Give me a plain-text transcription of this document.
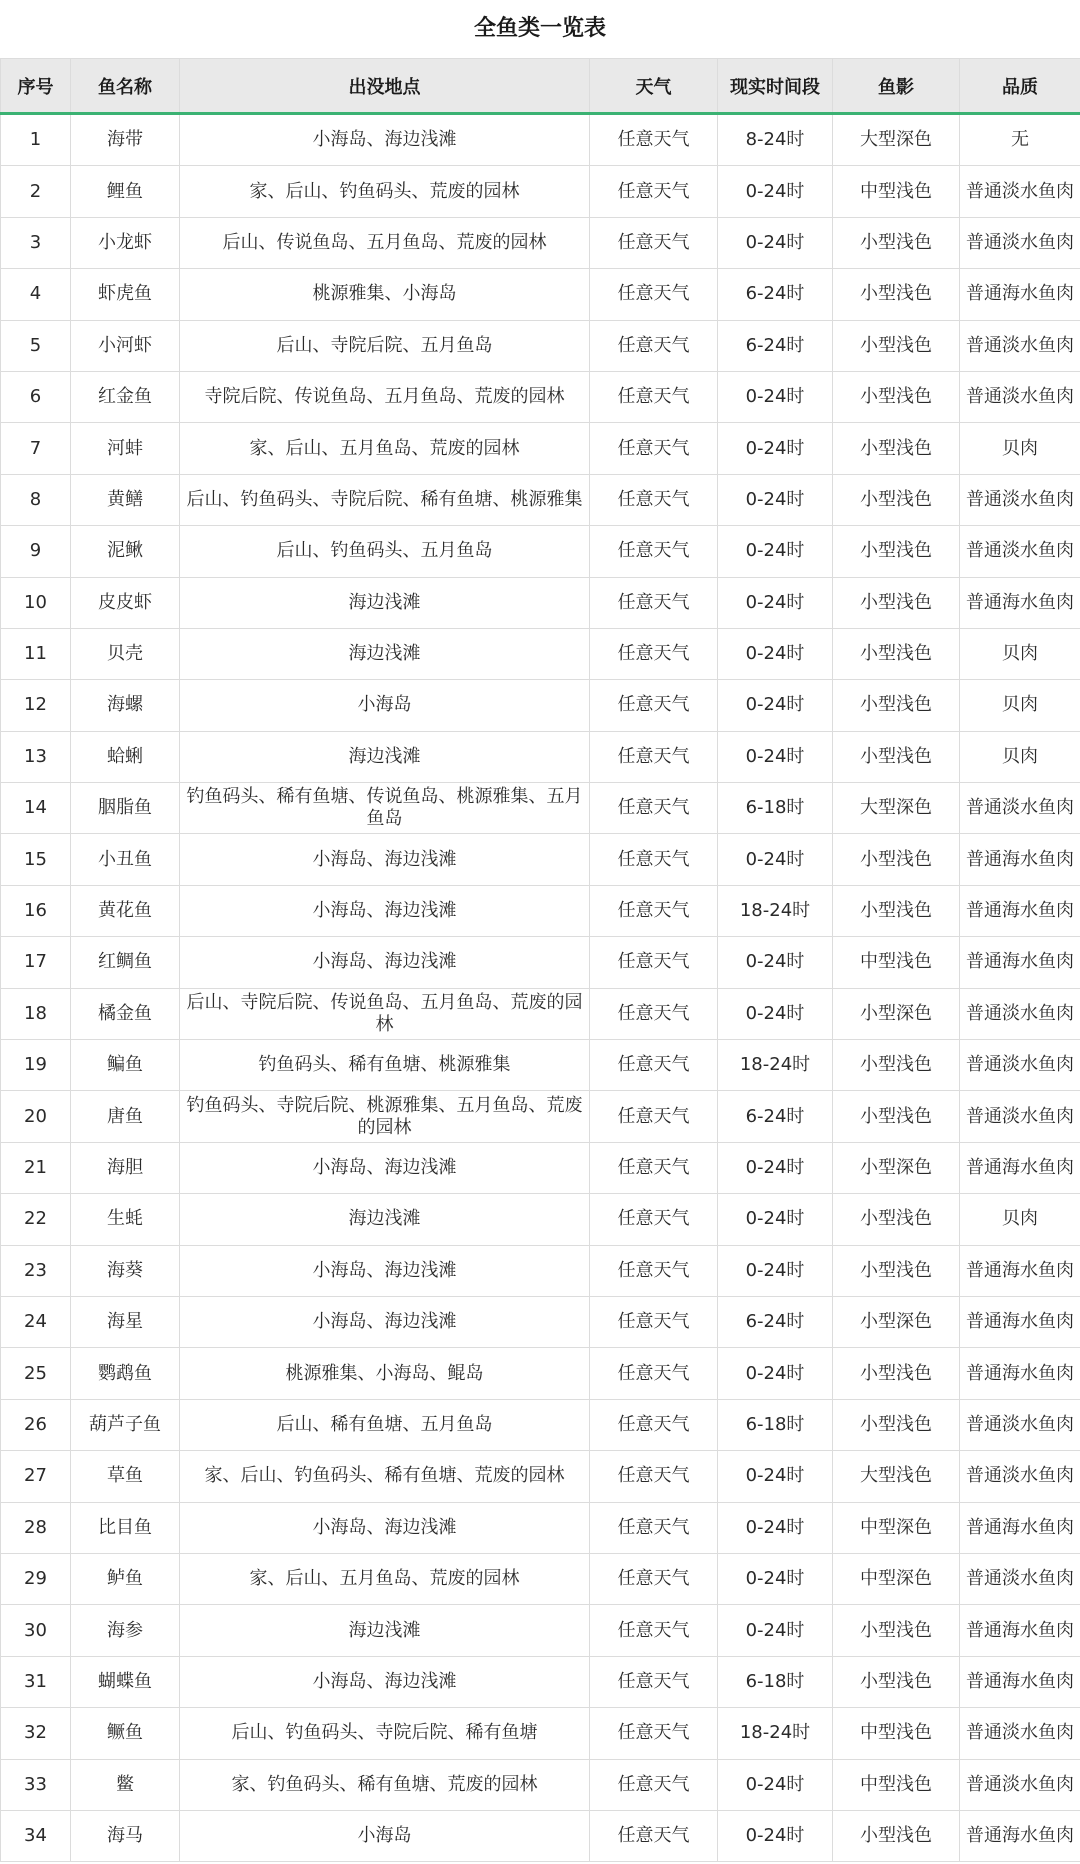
全鱼类一览表
序号	鱼名称	出没地点	天气	现实时间段	鱼影	品质
1	海带	小海岛、海边浅滩	任意天气	8-24时	大型深色	无
2	鲤鱼	家、后山、钓鱼码头、荒废的园林	任意天气	0-24时	中型浅色	普通淡水鱼肉
3	小龙虾	后山、传说鱼岛、五月鱼岛、荒废的园林	任意天气	0-24时	小型浅色	普通淡水鱼肉
4	虾虎鱼	桃源雅集、小海岛	任意天气	6-24时	小型浅色	普通海水鱼肉
5	小河虾	后山、寺院后院、五月鱼岛	任意天气	6-24时	小型浅色	普通淡水鱼肉
6	红金鱼	寺院后院、传说鱼岛、五月鱼岛、荒废的园林	任意天气	0-24时	小型浅色	普通淡水鱼肉
7	河蚌	家、后山、五月鱼岛、荒废的园林	任意天气	0-24时	小型浅色	贝肉
8	黄鳝	后山、钓鱼码头、寺院后院、稀有鱼塘、桃源雅集	任意天气	0-24时	小型浅色	普通淡水鱼肉
9	泥鳅	后山、钓鱼码头、五月鱼岛	任意天气	0-24时	小型浅色	普通淡水鱼肉
10	皮皮虾	海边浅滩	任意天气	0-24时	小型浅色	普通海水鱼肉
11	贝壳	海边浅滩	任意天气	0-24时	小型浅色	贝肉
12	海螺	小海岛	任意天气	0-24时	小型浅色	贝肉
13	蛤蜊	海边浅滩	任意天气	0-24时	小型浅色	贝肉
14	胭脂鱼	钓鱼码头、稀有鱼塘、传说鱼岛、桃源雅集、五月鱼岛	任意天气	6-18时	大型深色	普通淡水鱼肉
15	小丑鱼	小海岛、海边浅滩	任意天气	0-24时	小型浅色	普通海水鱼肉
16	黄花鱼	小海岛、海边浅滩	任意天气	18-24时	小型浅色	普通海水鱼肉
17	红鲷鱼	小海岛、海边浅滩	任意天气	0-24时	中型浅色	普通海水鱼肉
18	橘金鱼	后山、寺院后院、传说鱼岛、五月鱼岛、荒废的园林	任意天气	0-24时	小型深色	普通淡水鱼肉
19	鳊鱼	钓鱼码头、稀有鱼塘、桃源雅集	任意天气	18-24时	小型浅色	普通淡水鱼肉
20	唐鱼	钓鱼码头、寺院后院、桃源雅集、五月鱼岛、荒废的园林	任意天气	6-24时	小型浅色	普通淡水鱼肉
21	海胆	小海岛、海边浅滩	任意天气	0-24时	小型深色	普通海水鱼肉
22	生蚝	海边浅滩	任意天气	0-24时	小型浅色	贝肉
23	海葵	小海岛、海边浅滩	任意天气	0-24时	小型浅色	普通海水鱼肉
24	海星	小海岛、海边浅滩	任意天气	6-24时	小型深色	普通海水鱼肉
25	鹦鹉鱼	桃源雅集、小海岛、鲲岛	任意天气	0-24时	小型浅色	普通海水鱼肉
26	葫芦子鱼	后山、稀有鱼塘、五月鱼岛	任意天气	6-18时	小型浅色	普通淡水鱼肉
27	草鱼	家、后山、钓鱼码头、稀有鱼塘、荒废的园林	任意天气	0-24时	大型浅色	普通淡水鱼肉
28	比目鱼	小海岛、海边浅滩	任意天气	0-24时	中型深色	普通海水鱼肉
29	鲈鱼	家、后山、五月鱼岛、荒废的园林	任意天气	0-24时	中型深色	普通淡水鱼肉
30	海参	海边浅滩	任意天气	0-24时	小型浅色	普通海水鱼肉
31	蝴蝶鱼	小海岛、海边浅滩	任意天气	6-18时	小型浅色	普通海水鱼肉
32	鳜鱼	后山、钓鱼码头、寺院后院、稀有鱼塘	任意天气	18-24时	中型浅色	普通淡水鱼肉
33	鳖	家、钓鱼码头、稀有鱼塘、荒废的园林	任意天气	0-24时	中型浅色	普通淡水鱼肉
34	海马	小海岛	任意天气	0-24时	小型浅色	普通海水鱼肉
